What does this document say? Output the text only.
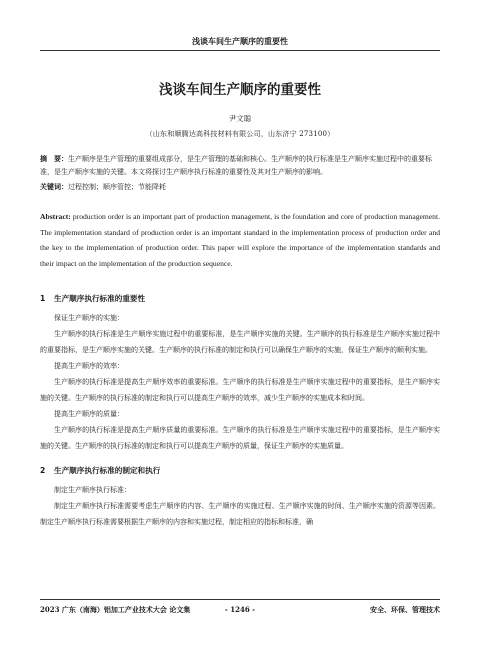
浅谈车间生产顺序的重要性
浅谈车间生产顺序的重要性
尹文聪
（山东和顺腾达高科技材料有限公司，山东济宁 273100）
摘　要：生产顺序是生产管理的重要组成部分，是生产管理的基础和核心。生产顺序的执行标准是生产顺序实施过程中的重要标准，是生产顺序实施的关键。本文将探讨生产顺序执行标准的重要性及其对生产顺序的影响。
关键词：过程控制；顺序管控；节能降耗
Abstract: production order is an important part of production management, is the foundation and core of production management. The implementation standard of production order is an important standard in the implementation process of production order and the key to the implementation of production order. This paper will explore the importance of the implementation standards and their impact on the implementation of the production sequence.

1 生产顺序执行标准的重要性

保证生产顺序的实施：

生产顺序的执行标准是生产顺序实施过程中的重要标准，是生产顺序实施的关键。生产顺序的执行标准是生产顺序实施过程中的重要指标，是生产顺序实施的关键。生产顺序的执行标准的制定和执行可以确保生产顺序的实施，保证生产顺序的顺利实施。

提高生产顺序的效率：

生产顺序的执行标准是提高生产顺序效率的重要标准。生产顺序的执行标准是生产顺序实施过程中的重要指标，是生产顺序实施的关键。生产顺序的执行标准的制定和执行可以提高生产顺序的效率，减少生产顺序的实施成本和时间。

提高生产顺序的质量：

生产顺序的执行标准是提高生产顺序质量的重要标准。生产顺序的执行标准是生产顺序实施过程中的重要指标，是生产顺序实施的关键。生产顺序的执行标准的制定和执行可以提高生产顺序的质量，保证生产顺序的实施质量。

2 生产顺序执行标准的制定和执行

制定生产顺序执行标准：

制定生产顺序执行标准需要考虑生产顺序的内容、生产顺序的实施过程、生产顺序实施的时间、生产顺序实施的资源等因素。制定生产顺序执行标准需要根据生产顺序的内容和实施过程，制定相应的指标和标准，确

2023 广东（南海）铝加工产业技术大会 论文集	- 1246 -	安全、环保、管理技术
